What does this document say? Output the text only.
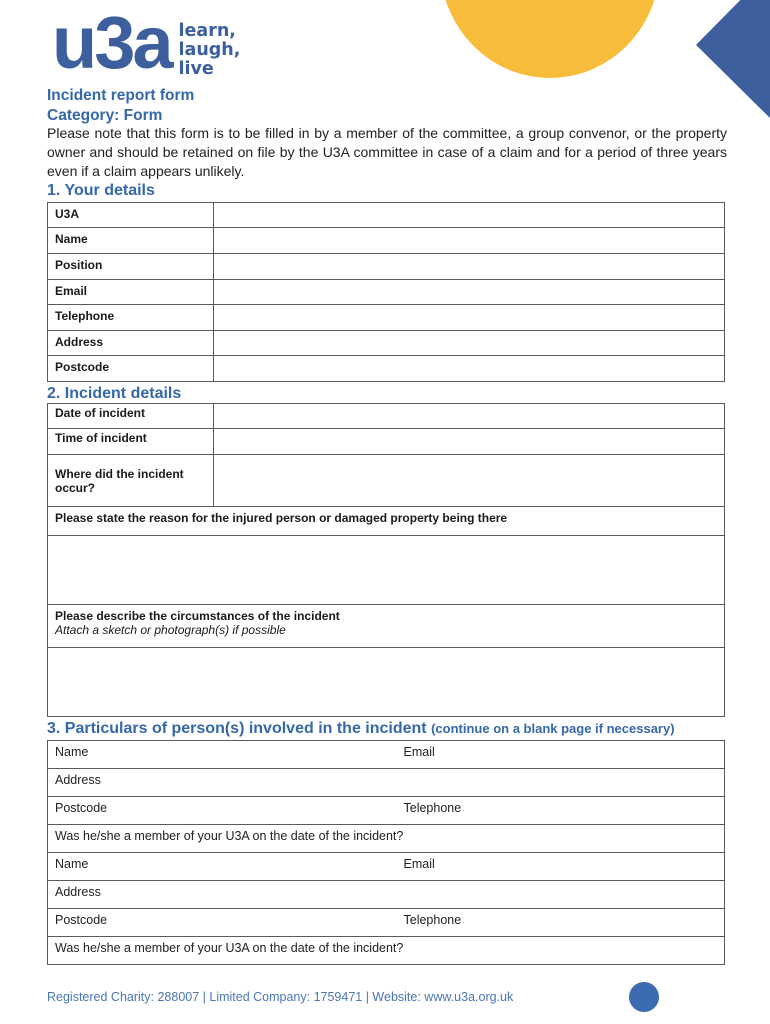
u3a learn,
laugh,
live
Incident report form
Category: Form

Please note that this form is to be filled in by a member of the committee, a group convenor, or the property owner and should be retained on file by the U3A committee in case of a claim and for a period of three years even if a claim appears unlikely.

1. Your details
U3A	
Name	
Position	
Email	
Telephone	
Address	
Postcode	
2. Incident details
Date of incident	
Time of incident	
Where did the incident occur?	
Please state the reason for the injured person or damaged property being there	

Please describe the circumstances of the incident
Attach a sketch or photograph(s) if possible	

3. Particulars of person(s) involved in the incident (continue on a blank page if necessary)
Name	Email
Address	
Postcode	Telephone
Was he/she a member of your U3A on the date of the incident?	
Name	Email
Address	
Postcode	Telephone
Was he/she a member of your U3A on the date of the incident?	
Registered Charity: 288007 | Limited Company: 1759471 | Website: www.u3a.org.uk
